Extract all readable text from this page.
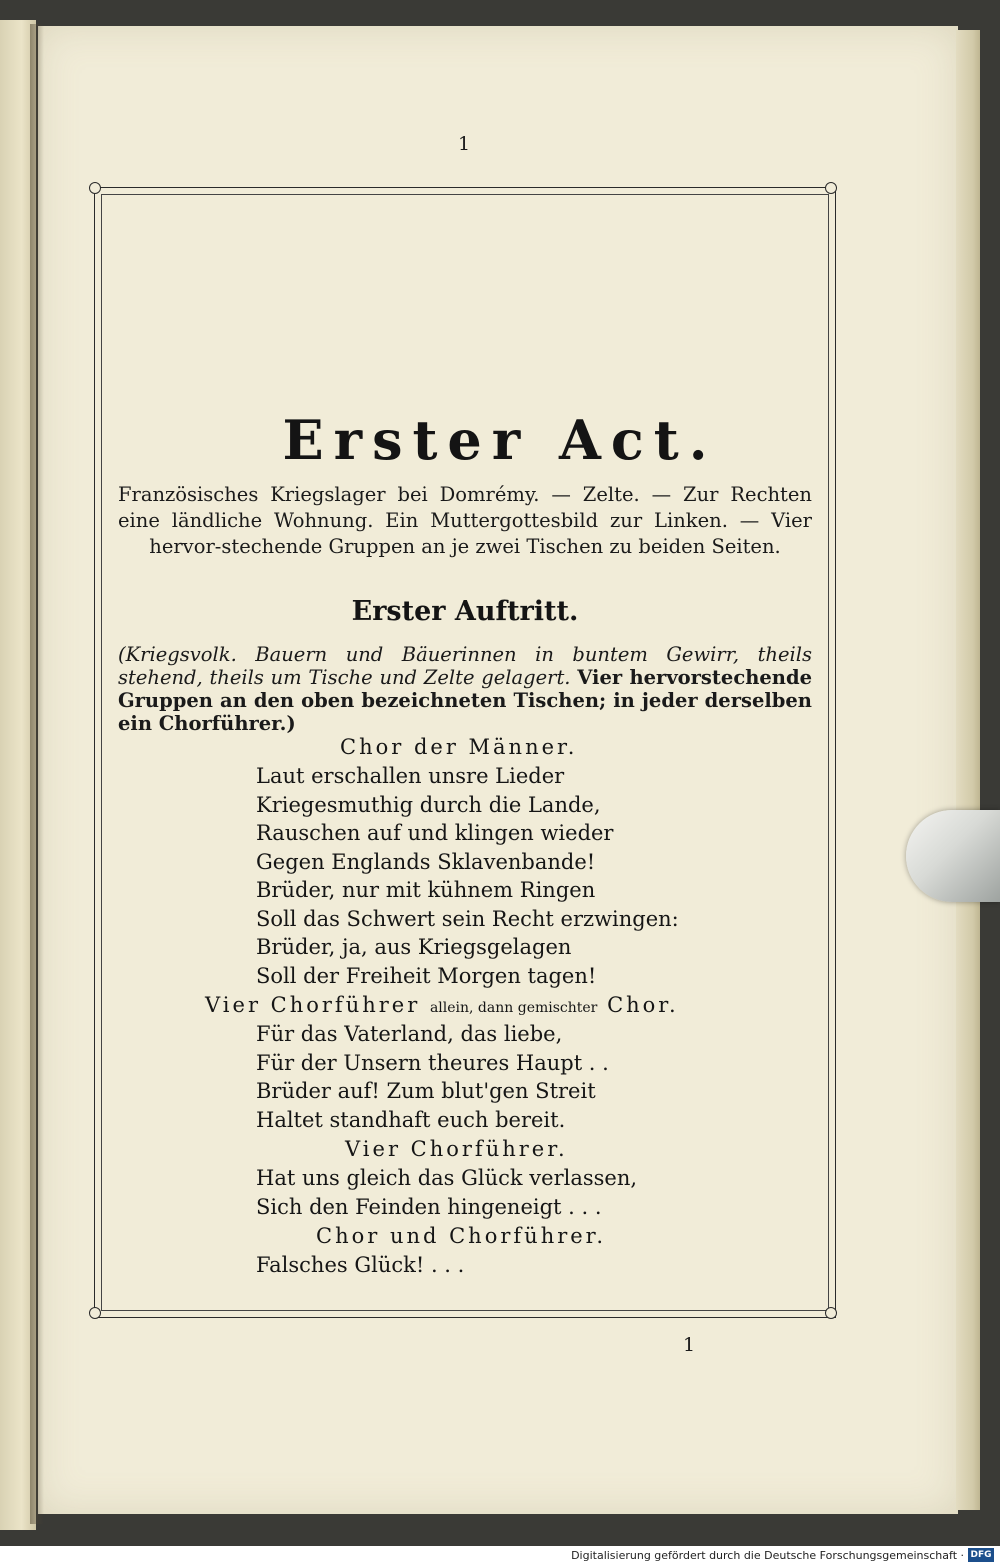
1
Erster Act.
Französisches Kriegslager bei Domrémy. — Zelte. — Zur Rechten eine ländliche Wohnung. Ein Muttergottesbild zur Linken. — Vier hervor-stechende Gruppen an je zwei Tischen zu beiden Seiten.
Erster Auftritt.
(Kriegsvolk. Bauern und Bäuerinnen in buntem Gewirr, theils stehend, theils um Tische und Zelte gelagert. Vier hervorstechende Gruppen an den oben bezeichneten Tischen; in jeder derselben ein Chorführer.)
Chor der Männer.
Laut erschallen unsre Lieder
Kriegesmuthig durch die Lande,
Rauschen auf und klingen wieder
Gegen Englands Sklavenbande!
Brüder, nur mit kühnem Ringen
Soll das Schwert sein Recht erzwingen:
Brüder, ja, aus Kriegsgelagen
Soll der Freiheit Morgen tagen!
Vier Chorführer allein, dann gemischter Chor.
Für das Vaterland, das liebe,
Für der Unsern theures Haupt . .
Brüder auf! Zum blut'gen Streit
Haltet standhaft euch bereit.
Vier Chorführer.
Hat uns gleich das Glück verlassen,
Sich den Feinden hingeneigt . . .
Chor und Chorführer.
Falsches Glück! . . .
1
Digitalisierung gefördert durch die Deutsche Forschungsgemeinschaft · DFG
